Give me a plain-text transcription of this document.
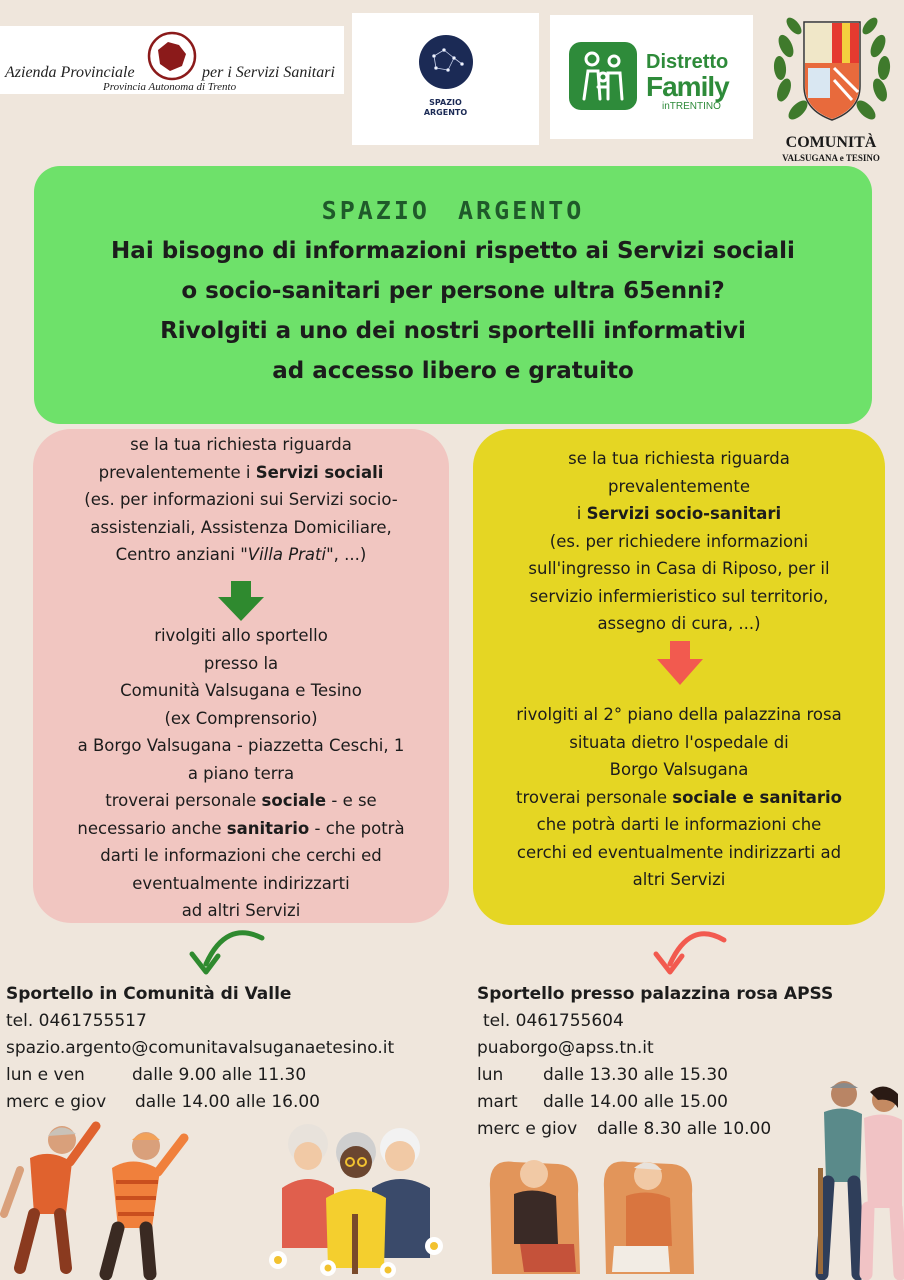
Azienda Provinciale	per i Servizi Sanitari
Provincia Autonoma di Trento
SPAZIO
ARGENTO
Distretto
Family
inTRENTINO
COMUNITÀ
VALSUGANA e TESINO
SPAZIO ARGENTO
Hai bisogno di informazioni rispetto ai Servizi sociali
o socio-sanitari per persone ultra 65enni?
Rivolgiti a uno dei nostri sportelli informativi
ad accesso libero e gratuito

se la tua richiesta riguarda

prevalentemente i Servizi sociali

(es. per informazioni sui Servizi socio-

assistenziali, Assistenza Domiciliare,

Centro anziani "Villa Prati", ...)

rivolgiti allo sportello

presso la

Comunità Valsugana e Tesino

(ex Comprensorio)

a Borgo Valsugana - piazzetta Ceschi, 1

a piano terra

troverai personale sociale - e se

necessario anche sanitario - che potrà

darti le informazioni che cerchi ed

eventualmente indirizzarti

ad altri Servizi

se la tua richiesta riguarda

prevalentemente

i Servizi socio-sanitari

(es. per richiedere informazioni

sull'ingresso in Casa di Riposo, per il

servizio infermieristico sul territorio,

assegno di cura, ...)

rivolgiti al 2° piano della palazzina rosa

situata dietro l'ospedale di

Borgo Valsugana

troverai personale sociale e sanitario

che potrà darti le informazioni che

cerchi ed eventualmente indirizzarti ad

altri Servizi

Sportello in Comunità di Valle
tel. 0461755517
spazio.argento@comunitavalsuganaetesino.it
lun e ven	dalle 9.00 alle 11.30
merc e giov dalle 14.00 alle 16.00
Sportello presso palazzina rosa APSS
tel. 0461755604
puaborgo@apss.tn.it
lun dalle 13.30 alle 15.30
mart dalle 14.00 alle 15.00
merc e giov dalle 8.30 alle 10.00
